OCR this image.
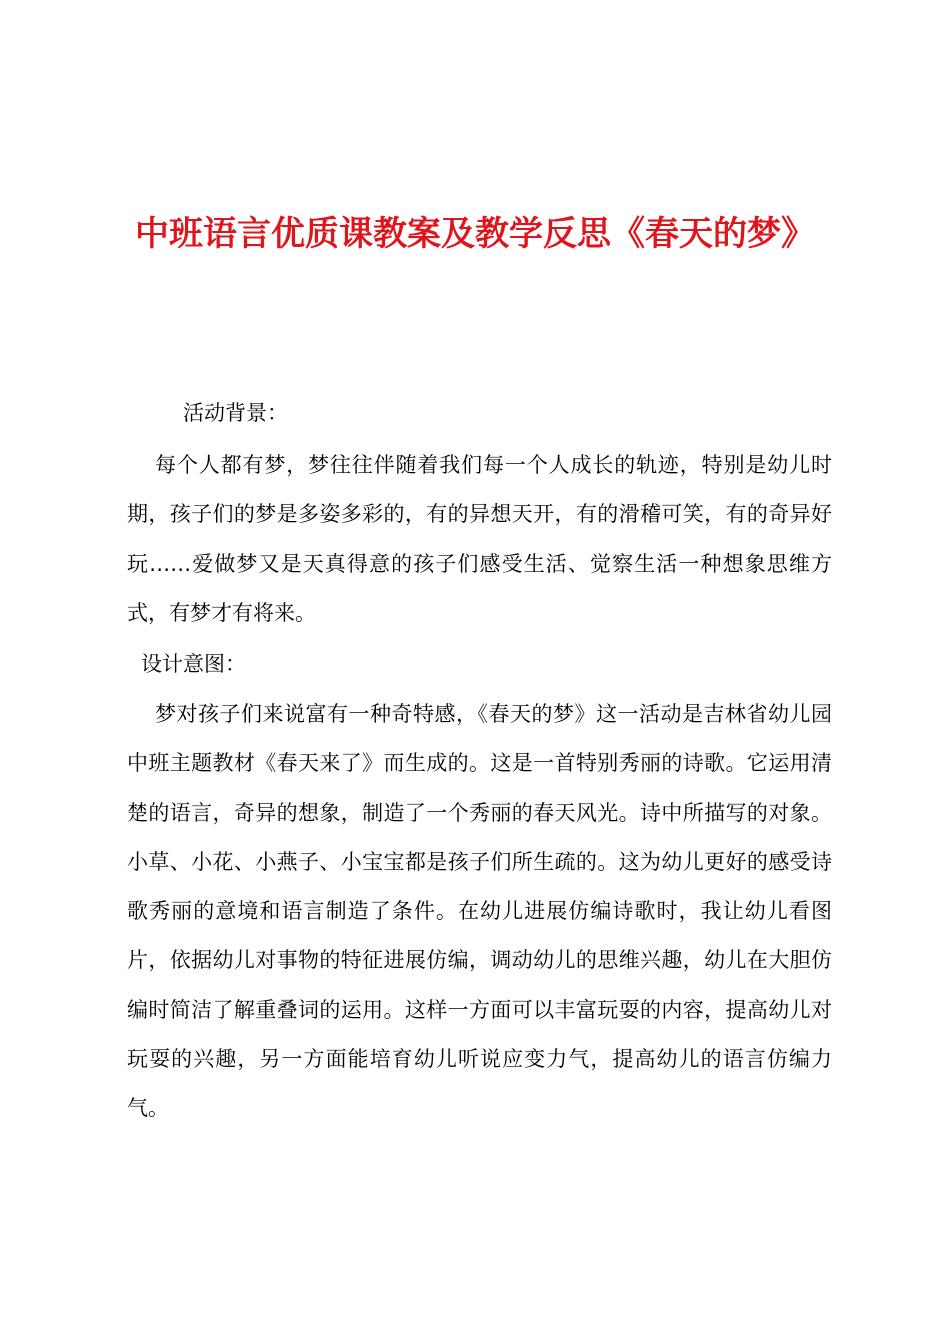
中班语言优质课教案及教学反思《春天的梦》
活动背景：

每个人都有梦，梦往往伴随着我们每一个人成长的轨迹，特别是幼儿时期，孩子们的梦是多姿多彩的，有的异想天开，有的滑稽可笑，有的奇异好玩……爱做梦又是天真得意的孩子们感受生活、觉察生活一种想象思维方式，有梦才有将来。

设计意图：

梦对孩子们来说富有一种奇特感，《春天的梦》这一活动是吉林省幼儿园中班主题教材《春天来了》而生成的。这是一首特别秀丽的诗歌。它运用清楚的语言，奇异的想象，制造了一个秀丽的春天风光。诗中所描写的对象。小草、小花、小燕子、小宝宝都是孩子们所生疏的。这为幼儿更好的感受诗歌秀丽的意境和语言制造了条件。在幼儿进展仿编诗歌时，我让幼儿看图片，依据幼儿对事物的特征进展仿编，调动幼儿的思维兴趣，幼儿在大胆仿编时简洁了解重叠词的运用。这样一方面可以丰富玩耍的内容，提高幼儿对玩耍的兴趣，另一方面能培育幼儿听说应变力气，提高幼儿的语言仿编力气。
